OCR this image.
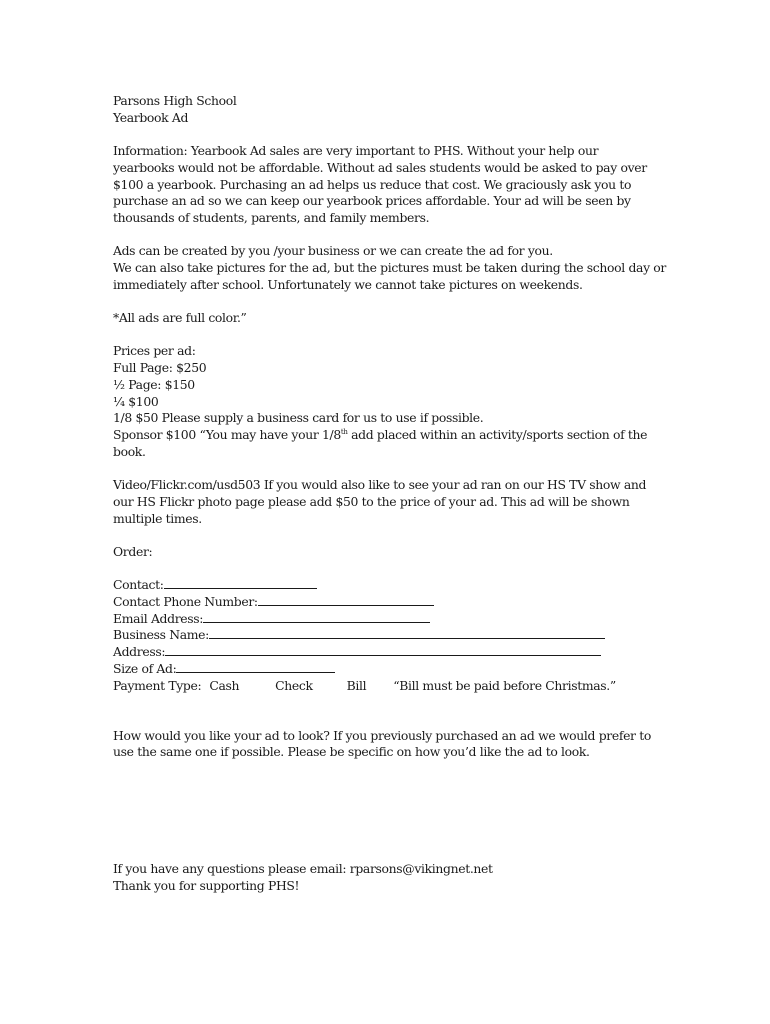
Parsons High School

Yearbook Ad

Information: Yearbook Ad sales are very important to PHS. Without your help our
yearbooks would not be affordable. Without ad sales students would be asked to pay over
$100 a yearbook. Purchasing an ad helps us reduce that cost. We graciously ask you to
purchase an ad so we can keep our yearbook prices affordable. Your ad will be seen by
thousands of students, parents, and family members.
Ads can be created by you /your business or we can create the ad for you.
We can also take pictures for the ad, but the pictures must be taken during the school day or
immediately after school. Unfortunately we cannot take pictures on weekends.

*All ads are full color.”

Prices per ad:
Full Page: $250
½ Page: $150
¼ $100
1/8 $50 Please supply a business card for us to use if possible.
Sponsor $100 “You may have your 1/8th add placed within an activity/sports section of the
book.
Video/Flickr.com/usd503 If you would also like to see your ad ran on our HS TV show and
our HS Flickr photo page please add $50 to the price of your ad. This ad will be shown
multiple times.

Order:

Contact:
Contact Phone Number:
Email Address:
Business Name:
Address:
Size of Ad:
Payment Type: Cash	Check	Bill “Bill must be paid before Christmas.”
How would you like your ad to look? If you previously purchased an ad we would prefer to
use the same one if possible. Please be specific on how you’d like the ad to look.

If you have any questions please email: rparsons@vikingnet.net

Thank you for supporting PHS!
